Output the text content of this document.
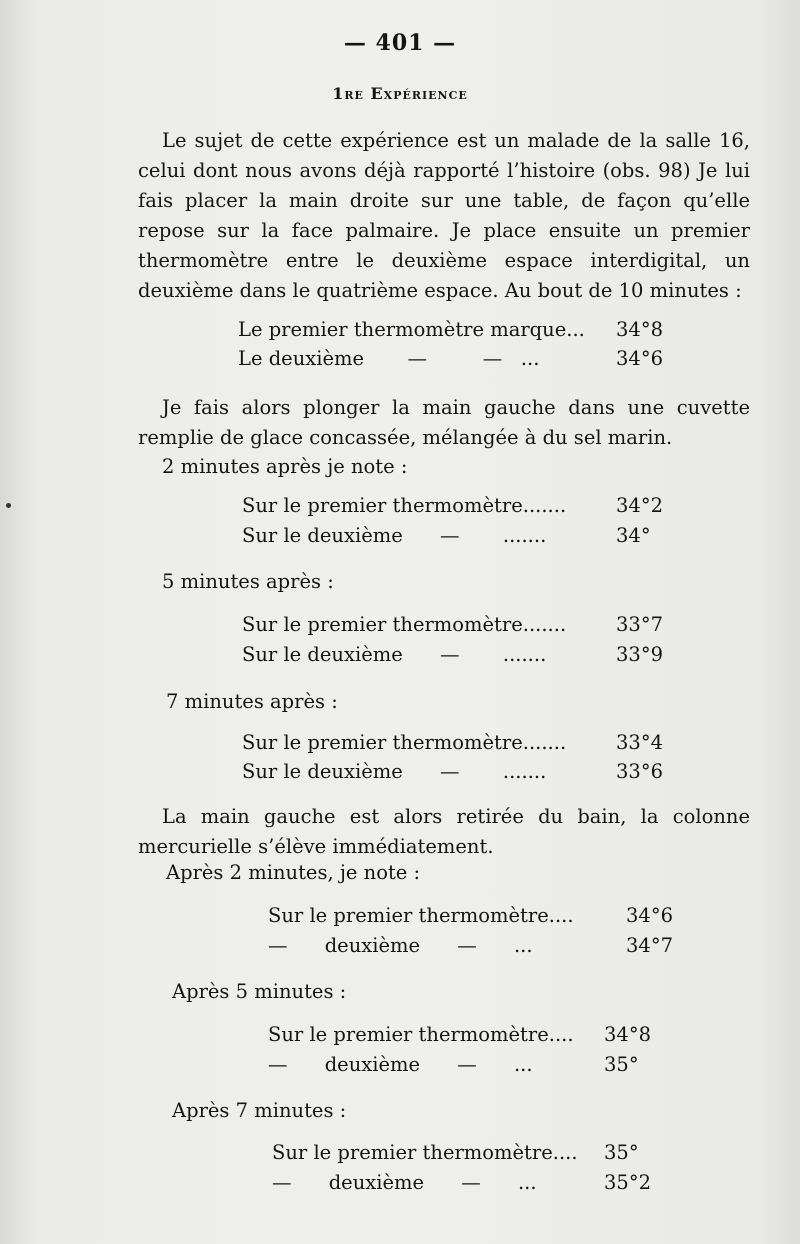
— 401 —
1re Expérience
Le sujet de cette expérience est un malade de la salle 16, celui dont nous avons déjà rapporté l’histoire (obs. 98) Je lui fais placer la main droite sur une table, de façon qu’elle repose sur la face palmaire. Je place ensuite un premier thermomètre entre le deuxième espace interdigital, un deuxième dans le quatrième espace. Au bout de 10 minutes :
Le premier thermomètre marque... 34°8
Le deuxième       —         —   ...	34°6
Je fais alors plonger la main gauche dans une cuvette remplie de glace concassée, mélangée à du sel marin.
2 minutes après je note :
Sur le premier thermomètre.......	34°2
Sur le deuxième      —       .......	34°
5 minutes après :
Sur le premier thermomètre.......	33°7
Sur le deuxième      —       .......	33°9
7 minutes après :
Sur le premier thermomètre.......	33°4
Sur le deuxième      —       .......	33°6
La main gauche est alors retirée du bain, la colonne mercurielle s’élève immédiatement.
Après 2 minutes, je note :
Sur le premier thermomètre....	34°6
—      deuxième      —      ...	34°7
Après 5 minutes :
Sur le premier thermomètre.... 34°8
—      deuxième      —      ...	35°
Après 7 minutes :
Sur le premier thermomètre.... 35°
—      deuxième      —      ...	35°2
